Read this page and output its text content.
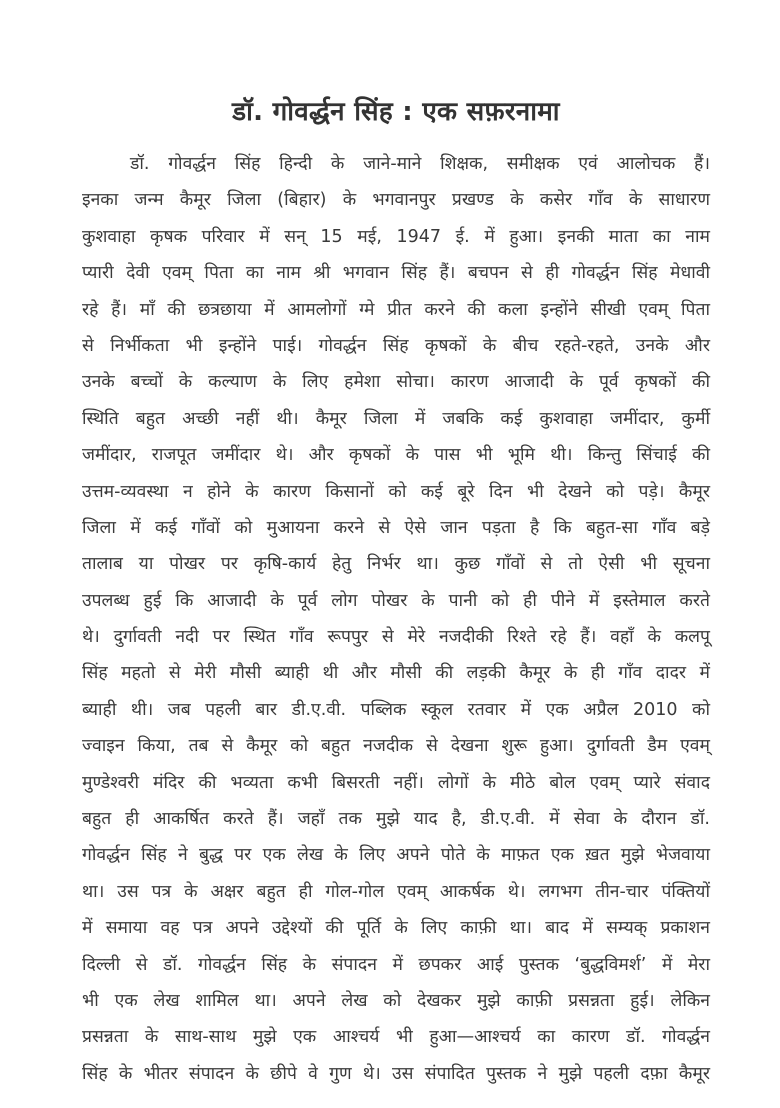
डॉ. गोवर्द्धन सिंह : एक सफ़रनामा
डॉ. गोवर्द्धन सिंह हिन्दी के जाने-माने शिक्षक, समीक्षक एवं आलोचक हैं।
इनका जन्म कैमूर जिला (बिहार) के भगवानपुर प्रखण्ड के कसेर गाँव के साधारण
कुशवाहा कृषक परिवार में सन् 15 मई, 1947 ई. में हुआ। इनकी माता का नाम
प्यारी देवी एवम् पिता का नाम श्री भगवान सिंह हैं। बचपन से ही गोवर्द्धन सिंह मेधावी
रहे हैं। माँ की छत्रछाया में आमलोगों ग्मे प्रीत करने की कला इन्होंने सीखी एवम् पिता
से निर्भीकता भी इन्होंने पाई। गोवर्द्धन सिंह कृषकों के बीच रहते-रहते, उनके और
उनके बच्चों के कल्याण के लिए हमेशा सोचा। कारण आजादी के पूर्व कृषकों की
स्थिति बहुत अच्छी नहीं थी। कैमूर जिला में जबकि कई कुशवाहा जमींदार, कुर्मी
जमींदार, राजपूत जमींदार थे। और कृषकों के पास भी भूमि थी। किन्तु सिंचाई की
उत्तम-व्यवस्था न होने के कारण किसानों को कई बूरे दिन भी देखने को पड़े। कैमूर
जिला में कई गाँवों को मुआयना करने से ऐसे जान पड़ता है कि बहुत-सा गाँव बड़े
तालाब या पोखर पर कृषि-कार्य हेतु निर्भर था। कुछ गाँवों से तो ऐसी भी सूचना
उपलब्ध हुई कि आजादी के पूर्व लोग पोखर के पानी को ही पीने में इस्तेमाल करते
थे। दुर्गावती नदी पर स्थित गाँव रूपपुर से मेरे नजदीकी रिश्ते रहे हैं। वहाँ के कलपू
सिंह महतो से मेरी मौसी ब्याही थी और मौसी की लड़की कैमूर के ही गाँव दादर में
ब्याही थी। जब पहली बार डी.ए.वी. पब्लिक स्कूल रतवार में एक अप्रैल 2010 को
ज्वाइन किया, तब से कैमूर को बहुत नजदीक से देखना शुरू हुआ। दुर्गावती डैम एवम्
मुण्डेश्वरी मंदिर की भव्यता कभी बिसरती नहीं। लोगों के मीठे बोल एवम् प्यारे संवाद
बहुत ही आकर्षित करते हैं। जहाँ तक मुझे याद है, डी.ए.वी. में सेवा के दौरान डॉ.
गोवर्द्धन सिंह ने बुद्ध पर एक लेख के लिए अपने पोते के माफ़त एक ख़त मुझे भेजवाया
था। उस पत्र के अक्षर बहुत ही गोल-गोल एवम् आकर्षक थे। लगभग तीन-चार पंक्तियों
में समाया वह पत्र अपने उद्देश्यों की पूर्ति के लिए काफ़ी था। बाद में सम्यक् प्रकाशन
दिल्ली से डॉ. गोवर्द्धन सिंह के संपादन में छपकर आई पुस्तक ‘बुद्धविमर्श’ में मेरा
भी एक लेख शामिल था। अपने लेख को देखकर मुझे काफ़ी प्रसन्नता हुई। लेकिन
प्रसन्नता के साथ-साथ मुझे एक आश्चर्य भी हुआ—आश्चर्य का कारण डॉ. गोवर्द्धन
सिंह के भीतर संपादन के छीपे वे गुण थे। उस संपादित पुस्तक ने मुझे पहली दफ़ा कैमूर
